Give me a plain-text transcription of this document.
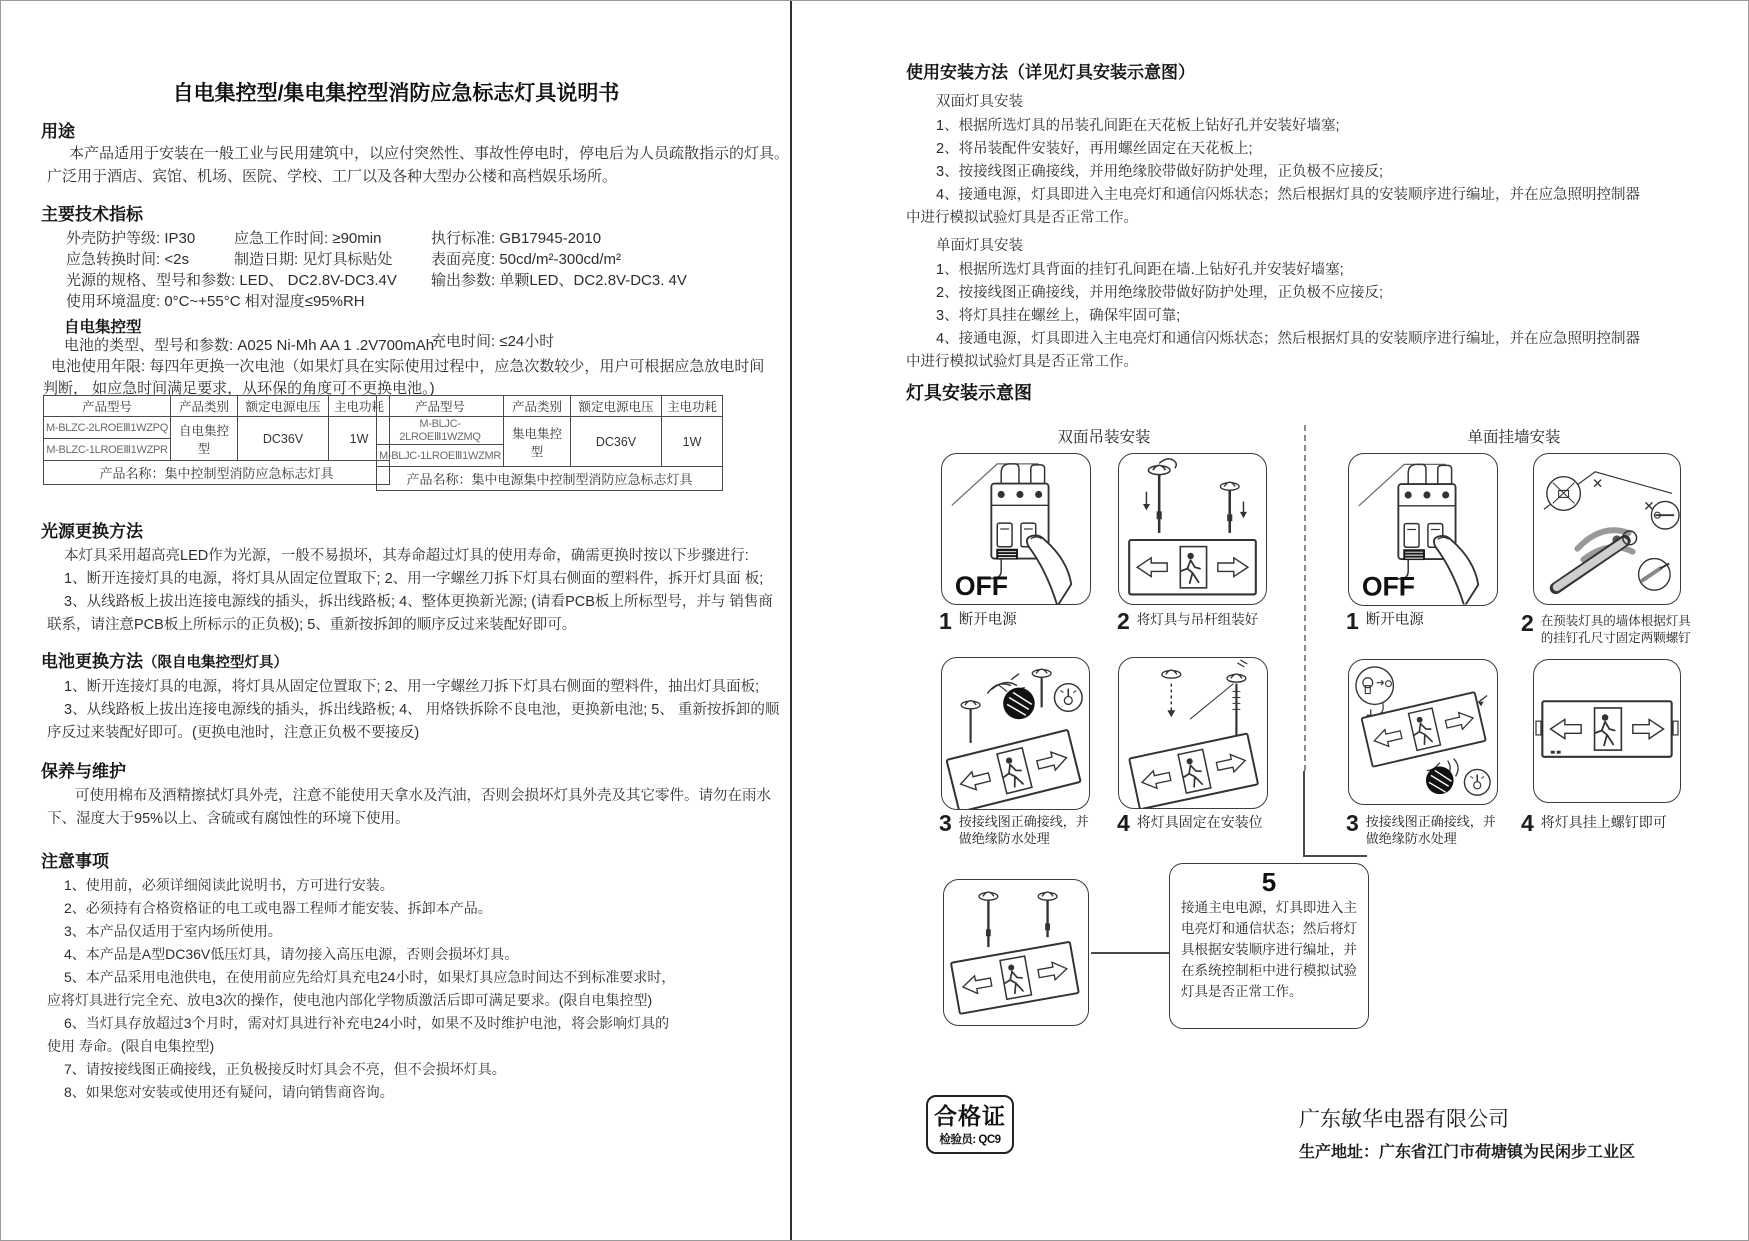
自电集控型/集电集控型消防应急标志灯具说明书
用途
本产品适用于安装在一般工业与民用建筑中，以应付突然性、事故性停电时，停电后为人员疏散指示的灯具。
广泛用于酒店、宾馆、机场、医院、学校、工厂以及各种大型办公楼和高档娱乐场所。
主要技术指标
外壳防护等级: IP30	应急工作时间: ≥90min	执行标准: GB17945-2010
应急转换时间: <2s	制造日期: 见灯具标贴处	表面亮度: 50cd/m²-300cd/m²
光源的规格、型号和参数: LED、 DC2.8V-DC3.4V 输出参数: 单颗LED、DC2.8V-DC3. 4V
使用环境温度: 0°C~+55°C 相对湿度≤95%RH
自电集控型
电池的类型、型号和参数: A025 Ni-Mh AA 1 .2V700mAh
充电时间: ≤24小时
电池使用年限: 每四年更换一次电池（如果灯具在实际使用过程中，应急次数较少，用户可根据应急放电时间
判断， 如应急时间满足要求，从环保的角度可不更换电池。)
产品型号	产品类别	额定电源电压	主电功耗
M-BLZC-2LROEⅢ1WZPQ	自电集控型	DC36V	1W
M-BLZC-1LROEⅢ1WZPR			
产品名称：集中控制型消防应急标志灯具			
产品型号	产品类别	额定电源电压	主电功耗
M-BLJC-2LROEⅢ1WZMQ	集电集控型	DC36V	1W
M-BLJC-1LROEⅢ1WZMR			
产品名称：集中电源集中控制型消防应急标志灯具			
光源更换方法
本灯具采用超高亮LED作为光源，一般不易损坏，其寿命超过灯具的使用寿命，确需更换时按以下步骤进行:
1、断开连接灯具的电源，将灯具从固定位置取下; 2、用一字螺丝刀拆下灯具右侧面的塑料件，拆开灯具面 板;
3、从线路板上拔出连接电源线的插头，拆出线路板; 4、整体更换新光源; (请看PCB板上所标型号，并与 销售商
联系，请注意PCB板上所标示的正负极); 5、重新按拆卸的顺序反过来装配好即可。
电池更换方法（限自电集控型灯具）
1、断开连接灯具的电源，将灯具从固定位置取下; 2、用一字螺丝刀拆下灯具右侧面的塑料件，抽出灯具面板;
3、从线路板上拔出连接电源线的插头，拆出线路板; 4、 用烙铁拆除不良电池，更换新电池; 5、 重新按拆卸的顺
序反过来装配好即可。(更换电池时，注意正负极不要接反)
保养与维护
可使用棉布及酒精擦拭灯具外壳，注意不能使用天拿水及汽油，否则会损坏灯具外壳及其它零件。请勿在雨水
下、湿度大于95%以上、含硫或有腐蚀性的环境下使用。
注意事项
1、使用前，必须详细阅读此说明书，方可进行安装。
2、必须持有合格资格证的电工或电器工程师才能安装、拆卸本产品。
3、本产品仅适用于室内场所使用。
4、本产品是A型DC36V低压灯具，请勿接入高压电源，否则会损坏灯具。
5、本产品采用电池供电，在使用前应先给灯具充电24小时，如果灯具应急时间达不到标准要求时，
应将灯具进行完全充、放电3次的操作，使电池内部化学物质激活后即可满足要求。(限自电集控型)
6、当灯具存放超过3个月时，需对灯具进行补充电24小时，如果不及时维护电池，将会影响灯具的
使用 寿命。(限自电集控型)
7、请按接线图正确接线，正负极接反时灯具会不亮，但不会损坏灯具。
8、如果您对安装或使用还有疑问，请向销售商咨询。
使用安装方法（详见灯具安装示意图）
双面灯具安装
1、根据所选灯具的吊装孔间距在天花板上钻好孔并安装好墙塞;
2、将吊装配件安装好，再用螺丝固定在天花板上;
3、按接线图正确接线，并用绝缘胶带做好防护处理，正负极不应接反;
4、接通电源，灯具即进入主电亮灯和通信闪烁状态；然后根据灯具的安装顺序进行编址，并在应急照明控制器
中进行模拟试验灯具是否正常工作。
单面灯具安装
1、根据所选灯具背面的挂钉孔间距在墙.上钻好孔并安装好墙塞;
2、按接线图正确接线，并用绝缘胶带做好防护处理，正负极不应接反;
3、将灯具挂在螺丝上，确保牢固可靠;
4、接通电源，灯具即进入主电亮灯和通信闪烁状态；然后根据灯具的安装顺序进行编址，并在应急照明控制器
中进行模拟试验灯具是否正常工作。
灯具安装示意图
双面吊装安装	单面挂墙安装
OFF
1 断开电源	2 将灯具与吊杆组装好
3 按接线图正确接线，并做绝缘防水处理
4 将灯具固定在安装位
5
接通主电电源，灯具即进入主电亮灯和通信状态；然后将灯具根据安装顺序进行编址，并在系统控制柜中进行模拟试验灯具是否正常工作。
OFF
1 断开电源	2 在预装灯具的墙体根据灯具的挂钉孔尺寸固定两颗螺钉
3 按接线图正确接线，并做绝缘防水处理
4 将灯具挂上螺钉即可
合格证
检验员: QC9
广东敏华电器有限公司
生产地址：广东省江门市荷塘镇为民闲步工业区
